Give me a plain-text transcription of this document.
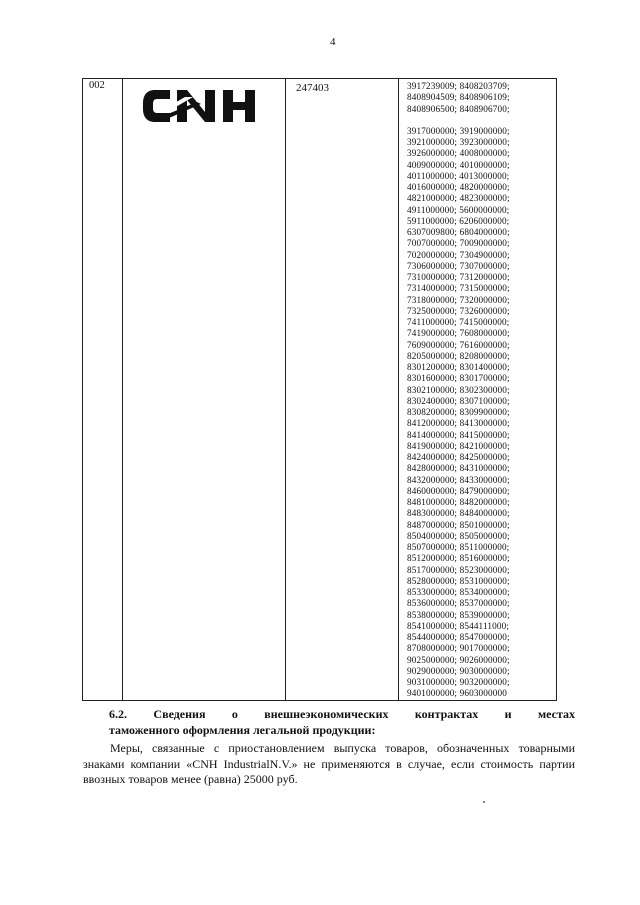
4
002		247403	3917239009; 8408203709;
8408904509; 8408906109;
8408906500; 8408906700;
3917000000; 3919000000;
3921000000; 3923000000;
3926000000; 4008000000;
4009000000; 4010000000;
4011000000; 4013000000;
4016000000; 4820000000;
4821000000; 4823000000;
4911000000; 5600000000;
5911000000; 6206000000;
6307009800; 6804000000;
7007000000; 7009000000;
7020000000; 7304900000;
7306000000; 7307000000;
7310000000; 7312000000;
7314000000; 7315000000;
7318000000; 7320000000;
7325000000; 7326000000;
7411000000; 7415000000;
7419000000; 7608000000;
7609000000; 7616000000;
8205000000; 8208000000;
8301200000; 8301400000;
8301600000; 8301700000;
8302100000; 8302300000;
8302400000; 8307100000;
8308200000; 8309900000;
8412000000; 8413000000;
8414000000; 8415000000;
8419000000; 8421000000;
8424000000; 8425000000;
8428000000; 8431000000;
8432000000; 8433000000;
8460000000; 8479000000;
8481000000; 8482000000;
8483000000; 8484000000;
8487000000; 8501000000;
8504000000; 8505000000;
8507000000; 8511000000;
8512000000; 8516000000;
8517000000; 8523000000;
8528000000; 8531000000;
8533000000; 8534000000;
8536000000; 8537000000;
8538000000; 8539000000;
8541000000; 8544111000;
8544000000; 8547000000;
8708000000; 9017000000;
9025000000; 9026000000;
9029000000; 9030000000;
9031000000; 9032000000;
9401000000; 9603000000
6.2. Сведения о внешнеэкономических контрактах и местах
таможенного оформления легальной продукции:
Меры, связанные с приостановлением выпуска товаров, обозначенных товарными знаками компании «CNH IndustrialN.V.» не применяются в случае, если стоимость партии ввозных товаров менее (равна) 25000 руб.
